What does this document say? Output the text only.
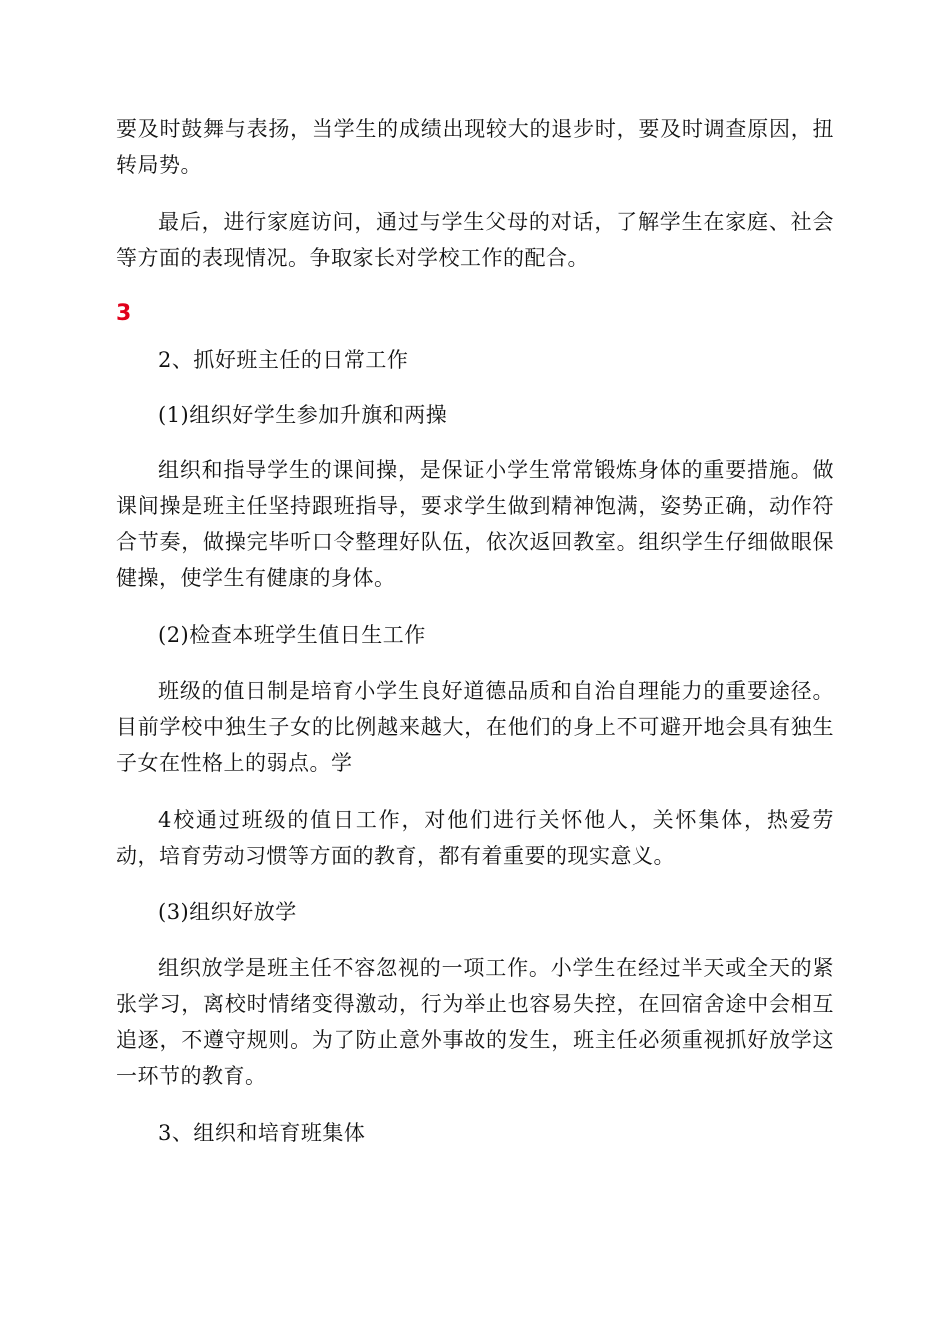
要及时鼓舞与表扬，当学生的成绩出现较大的退步时，要及时调查原因，扭转局势。

最后，进行家庭访问，通过与学生父母的对话，了解学生在家庭、社会等方面的表现情况。争取家长对学校工作的配合。

3

2、抓好班主任的日常工作

(1)组织好学生参加升旗和两操

组织和指导学生的课间操，是保证小学生常常锻炼身体的重要措施。做课间操是班主任坚持跟班指导，要求学生做到精神饱满，姿势正确，动作符合节奏，做操完毕听口令整理好队伍，依次返回教室。组织学生仔细做眼保健操，使学生有健康的身体。

(2)检查本班学生值日生工作

班级的值日制是培育小学生良好道德品质和自治自理能力的重要途径。目前学校中独生子女的比例越来越大，在他们的身上不可避开地会具有独生子女在性格上的弱点。学

4校通过班级的值日工作，对他们进行关怀他人，关怀集体，热爱劳动，培育劳动习惯等方面的教育，都有着重要的现实意义。

(3)组织好放学

组织放学是班主任不容忽视的一项工作。小学生在经过半天或全天的紧张学习，离校时情绪变得激动，行为举止也容易失控，在回宿舍途中会相互追逐，不遵守规则。为了防止意外事故的发生，班主任必须重视抓好放学这一环节的教育。

3、组织和培育班集体
